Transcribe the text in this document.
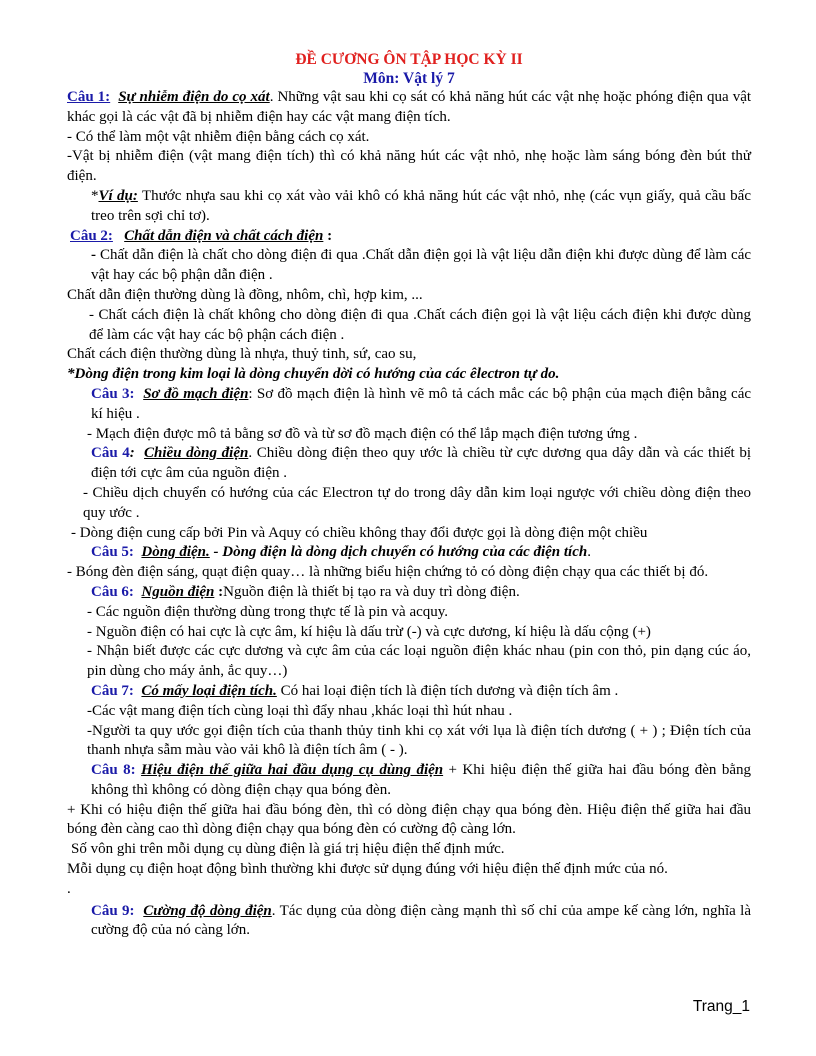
ĐỀ CƯƠNG ÔN TẬP HỌC KỲ II
Môn: Vật lý 7

Câu 1: Sự nhiễm điện do cọ xát. Những vật sau khi cọ sát có khả năng hút các vật nhẹ hoặc phóng điện qua vật khác gọi là các vật đã bị nhiễm điện hay các vật mang điện tích.

- Có thể làm một vật nhiễm điện bằng cách cọ xát.

-Vật bị nhiễm điện (vật mang điện tích) thì có khả năng hút các vật nhỏ, nhẹ hoặc làm sáng bóng đèn bút thử điện.

*Ví dụ: Thước nhựa sau khi cọ xát vào vải khô có khả năng hút các vật nhỏ, nhẹ (các vụn giấy, quả cầu bấc treo trên sợi chỉ tơ).

Câu 2: Chất dẫn điện và chất cách điện :

- Chất dẫn điện là chất cho dòng điện đi qua .Chất dẫn điện gọi là vật liệu dẫn điện khi được dùng để làm các vật hay các bộ phận dẫn điện .

Chất dẫn điện thường dùng là đồng, nhôm, chì, hợp kim, ...

- Chất cách điện là chất không cho dòng điện đi qua .Chất cách điện gọi là vật liệu cách điện khi được dùng để làm các vật hay các bộ phận cách điện .

Chất cách điện thường dùng là nhựa, thuỷ tinh, sứ, cao su,

*Dòng điện trong kim loại là dòng chuyển dời có hướng của các êlectron tự do.

Câu 3: Sơ đồ mạch điện: Sơ đồ mạch điện là hình vẽ mô tả cách mắc các bộ phận của mạch điện bằng các kí hiệu .

- Mạch điện được mô tả bằng sơ đồ và từ sơ đồ mạch điện có thể lắp mạch điện tương ứng .

Câu 4: Chiều dòng điện. Chiều dòng điện theo quy ước là chiều từ cực dương qua dây dẫn và các thiết bị điện tới cực âm của nguồn điện .

- Chiều dịch chuyển có hướng của các Electron tự do trong dây dẫn kim loại ngược với chiều dòng điện theo quy ước .

- Dòng điện cung cấp bởi Pin và Aquy có chiều không thay đổi được gọi là dòng điện một chiều

Câu 5: Dòng điện. - Dòng điện là dòng dịch chuyển có hướng của các điện tích.

- Bóng đèn điện sáng, quạt điện quay… là những biểu hiện chứng tỏ có dòng điện chạy qua các thiết bị đó.

Câu 6: Nguồn điện :Nguồn điện là thiết bị tạo ra và duy trì dòng điện.

- Các nguồn điện thường dùng trong thực tế là pin và acquy.

- Nguồn điện có hai cực là cực âm, kí hiệu là dấu trừ (-) và cực dương, kí hiệu là dấu cộng (+)

- Nhận biết được các cực dương và cực âm của các loại nguồn điện khác nhau (pin con thỏ, pin dạng cúc áo, pin dùng cho máy ảnh, ắc quy…)

Câu 7: Có mấy loại điện tích. Có hai loại điện tích là điện tích dương và điện tích âm .

-Các vật mang điện tích cùng loại thì đẩy nhau ,khác loại thì hút nhau .

-Người ta quy ước gọi điện tích của thanh thủy tinh khi cọ xát với lụa là điện tích dương ( + ) ; Điện tích của thanh nhựa sẫm màu vào vải khô là điện tích âm ( - ).

Câu 8: Hiệu điện thế giữa hai đầu dụng cụ dùng điện + Khi hiệu điện thế giữa hai đầu bóng đèn bằng không thì không có dòng điện chạy qua bóng đèn.

+ Khi có hiệu điện thế giữa hai đầu bóng đèn, thì có dòng điện chạy qua bóng đèn. Hiệu điện thế giữa hai đầu bóng đèn càng cao thì dòng điện chạy qua bóng đèn có cường độ càng lớn.

Số vôn ghi trên mỗi dụng cụ dùng điện là giá trị hiệu điện thế định mức.

Mỗi dụng cụ điện hoạt động bình thường khi được sử dụng đúng với hiệu điện thế định mức của nó.

.

Câu 9: Cường độ dòng điện. Tác dụng của dòng điện càng mạnh thì số chỉ của ampe kế càng lớn, nghĩa là cường độ của nó càng lớn.

Trang_1
